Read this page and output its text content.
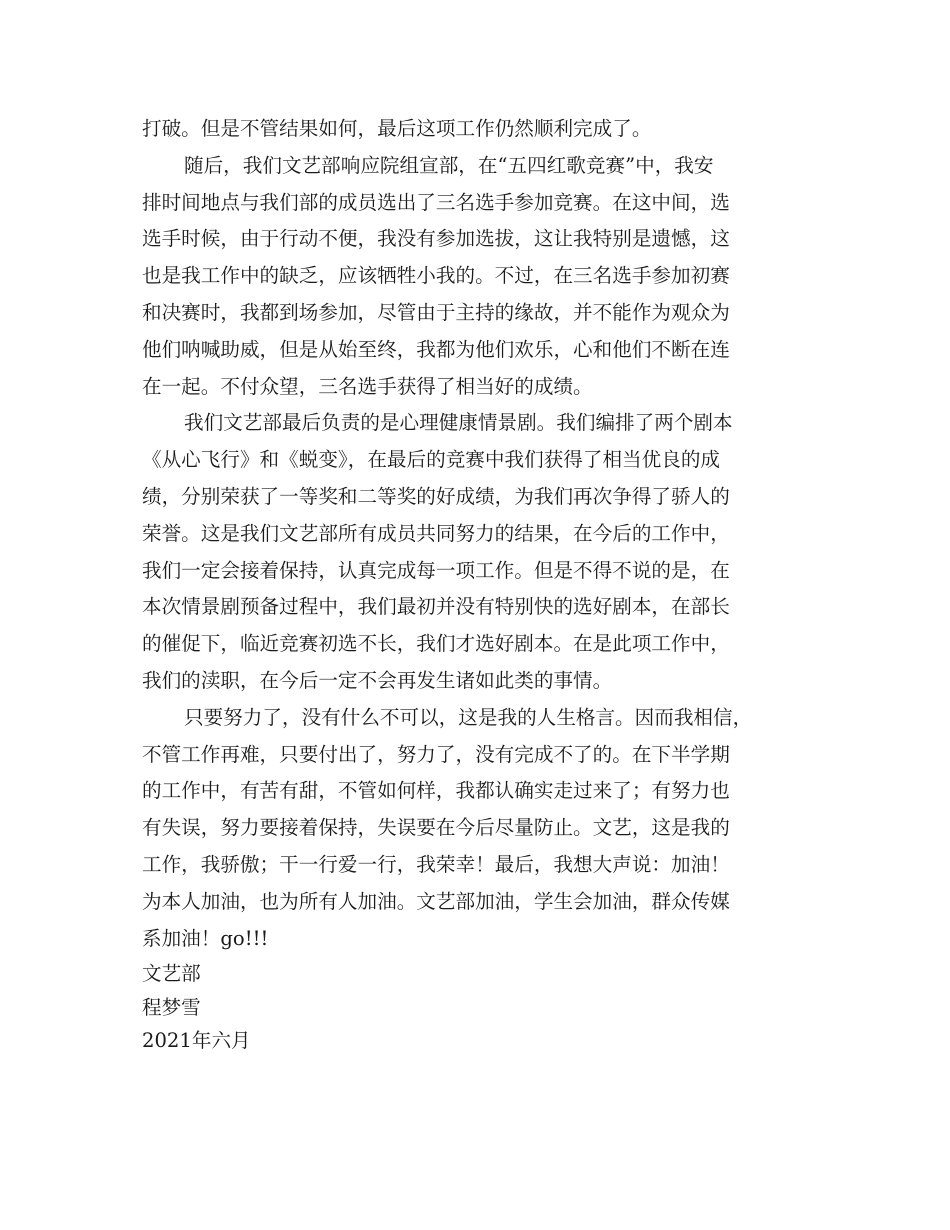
打破。但是不管结果如何，最后这项工作仍然顺利完成了。

随后，我们文艺部响应院组宣部，在“五四红歌竞赛”中，我安

排时间地点与我们部的成员选出了三名选手参加竞赛。在这中间，选

选手时候，由于行动不便，我没有参加选拔，这让我特别是遗憾，这

也是我工作中的缺乏，应该牺牲小我的。不过，在三名选手参加初赛

和决赛时，我都到场参加，尽管由于主持的缘故，并不能作为观众为

他们呐喊助威，但是从始至终，我都为他们欢乐，心和他们不断在连

在一起。不付众望，三名选手获得了相当好的成绩。

我们文艺部最后负责的是心理健康情景剧。我们编排了两个剧本

《从心飞行》和《蜕变》，在最后的竞赛中我们获得了相当优良的成

绩，分别荣获了一等奖和二等奖的好成绩，为我们再次争得了骄人的

荣誉。这是我们文艺部所有成员共同努力的结果，在今后的工作中，

我们一定会接着保持，认真完成每一项工作。但是不得不说的是，在

本次情景剧预备过程中，我们最初并没有特别快的选好剧本，在部长

的催促下，临近竞赛初选不长，我们才选好剧本。在是此项工作中，

我们的渎职，在今后一定不会再发生诸如此类的事情。

只要努力了，没有什么不可以，这是我的人生格言。因而我相信，

不管工作再难，只要付出了，努力了，没有完成不了的。在下半学期

的工作中，有苦有甜，不管如何样，我都认确实走过来了；有努力也

有失误，努力要接着保持，失误要在今后尽量防止。文艺，这是我的

工作，我骄傲；干一行爱一行，我荣幸！最后，我想大声说：加油！

为本人加油，也为所有人加油。文艺部加油，学生会加油，群众传媒

系加油！go!!!

文艺部

程梦雪

2021年六月
